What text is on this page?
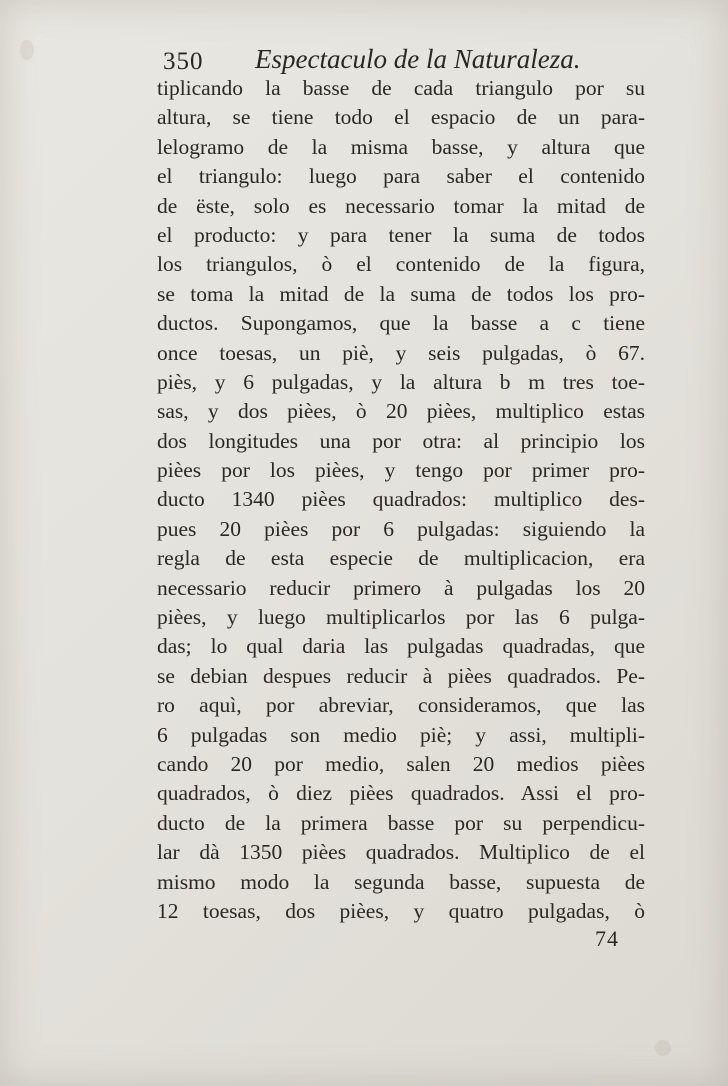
350 Espectaculo de la Naturaleza.
tiplicando la basse de cada triangulo por su
altura, se tiene todo el espacio de un para-
lelogramo de la misma basse, y altura que
el triangulo: luego para saber el contenido
de ëste, solo es necessario tomar la mitad de
el producto: y para tener la suma de todos
los triangulos, ò el contenido de la figura,
se toma la mitad de la suma de todos los pro-
ductos. Supongamos, que la basse a c tiene
once toesas, un piè, y seis pulgadas, ò 67.
piès, y 6 pulgadas, y la altura b m tres toe-
sas, y dos pièes, ò 20 pièes, multiplico estas
dos longitudes una por otra: al principio los
pièes por los pièes, y tengo por primer pro-
ducto 1340 pièes quadrados: multiplico des-
pues 20 pièes por 6 pulgadas: siguiendo la
regla de esta especie de multiplicacion, era
necessario reducir primero à pulgadas los 20
pièes, y luego multiplicarlos por las 6 pulga-
das; lo qual daria las pulgadas quadradas, que
se debian despues reducir à pièes quadrados. Pe-
ro aquì, por abreviar, consideramos, que las
6 pulgadas son medio piè; y assi, multipli-
cando 20 por medio, salen 20 medios pièes
quadrados, ò diez pièes quadrados. Assi el pro-
ducto de la primera basse por su perpendicu-
lar dà 1350 pièes quadrados. Multiplico de el
mismo modo la segunda basse, supuesta de
12 toesas, dos pièes, y quatro pulgadas, ò
74
